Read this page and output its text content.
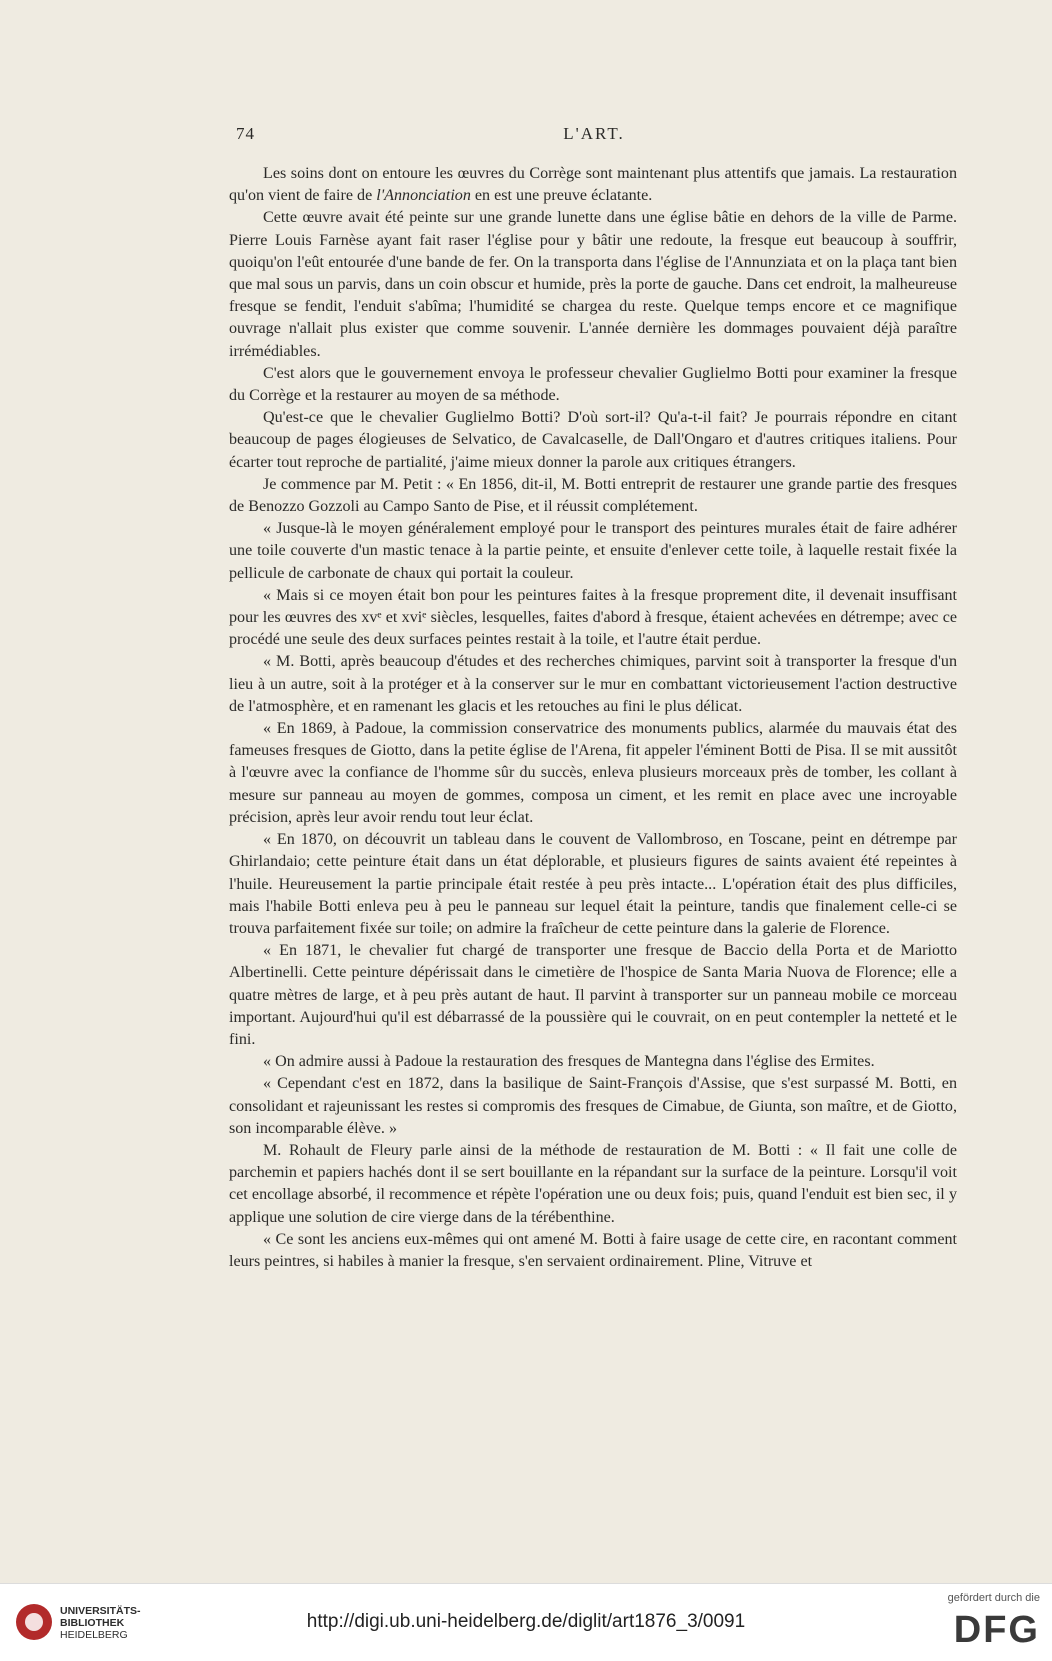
74	L'ART.

Les soins dont on entoure les œuvres du Corrège sont maintenant plus attentifs que jamais. La restauration qu'on vient de faire de l'Annonciation en est une preuve éclatante.

Cette œuvre avait été peinte sur une grande lunette dans une église bâtie en dehors de la ville de Parme. Pierre Louis Farnèse ayant fait raser l'église pour y bâtir une redoute, la fresque eut beaucoup à souffrir, quoiqu'on l'eût entourée d'une bande de fer. On la transporta dans l'église de l'Annunziata et on la plaça tant bien que mal sous un parvis, dans un coin obscur et humide, près la porte de gauche. Dans cet endroit, la malheureuse fresque se fendit, l'enduit s'abîma; l'humidité se chargea du reste. Quelque temps encore et ce magnifique ouvrage n'allait plus exister que comme souvenir. L'année dernière les dommages pouvaient déjà paraître irrémédiables.

C'est alors que le gouvernement envoya le professeur chevalier Guglielmo Botti pour examiner la fresque du Corrège et la restaurer au moyen de sa méthode.

Qu'est-ce que le chevalier Guglielmo Botti? D'où sort-il? Qu'a-t-il fait? Je pourrais répondre en citant beaucoup de pages élogieuses de Selvatico, de Cavalcaselle, de Dall'Ongaro et d'autres critiques italiens. Pour écarter tout reproche de partialité, j'aime mieux donner la parole aux critiques étrangers.

Je commence par M. Petit : « En 1856, dit-il, M. Botti entreprit de restaurer une grande partie des fresques de Benozzo Gozzoli au Campo Santo de Pise, et il réussit complétement.

« Jusque-là le moyen généralement employé pour le transport des peintures murales était de faire adhérer une toile couverte d'un mastic tenace à la partie peinte, et ensuite d'enlever cette toile, à laquelle restait fixée la pellicule de carbonate de chaux qui portait la couleur.

« Mais si ce moyen était bon pour les peintures faites à la fresque proprement dite, il devenait insuffisant pour les œuvres des xvᵉ et xviᵉ siècles, lesquelles, faites d'abord à fresque, étaient achevées en détrempe; avec ce procédé une seule des deux surfaces peintes restait à la toile, et l'autre était perdue.

« M. Botti, après beaucoup d'études et des recherches chimiques, parvint soit à transporter la fresque d'un lieu à un autre, soit à la protéger et à la conserver sur le mur en combattant victorieusement l'action destructive de l'atmosphère, et en ramenant les glacis et les retouches au fini le plus délicat.

« En 1869, à Padoue, la commission conservatrice des monuments publics, alarmée du mauvais état des fameuses fresques de Giotto, dans la petite église de l'Arena, fit appeler l'éminent Botti de Pisa. Il se mit aussitôt à l'œuvre avec la confiance de l'homme sûr du succès, enleva plusieurs morceaux près de tomber, les collant à mesure sur panneau au moyen de gommes, composa un ciment, et les remit en place avec une incroyable précision, après leur avoir rendu tout leur éclat.

« En 1870, on découvrit un tableau dans le couvent de Vallombroso, en Toscane, peint en détrempe par Ghirlandaio; cette peinture était dans un état déplorable, et plusieurs figures de saints avaient été repeintes à l'huile. Heureusement la partie principale était restée à peu près intacte... L'opération était des plus difficiles, mais l'habile Botti enleva peu à peu le panneau sur lequel était la peinture, tandis que finalement celle-ci se trouva parfaitement fixée sur toile; on admire la fraîcheur de cette peinture dans la galerie de Florence.

« En 1871, le chevalier fut chargé de transporter une fresque de Baccio della Porta et de Mariotto Albertinelli. Cette peinture dépérissait dans le cimetière de l'hospice de Santa Maria Nuova de Florence; elle a quatre mètres de large, et à peu près autant de haut. Il parvint à transporter sur un panneau mobile ce morceau important. Aujourd'hui qu'il est débarrassé de la poussière qui le couvrait, on en peut contempler la netteté et le fini.

« On admire aussi à Padoue la restauration des fresques de Mantegna dans l'église des Ermites.

« Cependant c'est en 1872, dans la basilique de Saint-François d'Assise, que s'est surpassé M. Botti, en consolidant et rajeunissant les restes si compromis des fresques de Cimabue, de Giunta, son maître, et de Giotto, son incomparable élève. »

M. Rohault de Fleury parle ainsi de la méthode de restauration de M. Botti : « Il fait une colle de parchemin et papiers hachés dont il se sert bouillante en la répandant sur la surface de la peinture. Lorsqu'il voit cet encollage absorbé, il recommence et répète l'opération une ou deux fois; puis, quand l'enduit est bien sec, il y applique une solution de cire vierge dans de la térébenthine.

« Ce sont les anciens eux-mêmes qui ont amené M. Botti à faire usage de cette cire, en racontant comment leurs peintres, si habiles à manier la fresque, s'en servaient ordinairement. Pline, Vitruve et

UNIVERSITÄTS-
BIBLIOTHEK
HEIDELBERG
http://digi.ub.uni-heidelberg.de/diglit/art1876_3/0091
gefördert durch die
DFG
